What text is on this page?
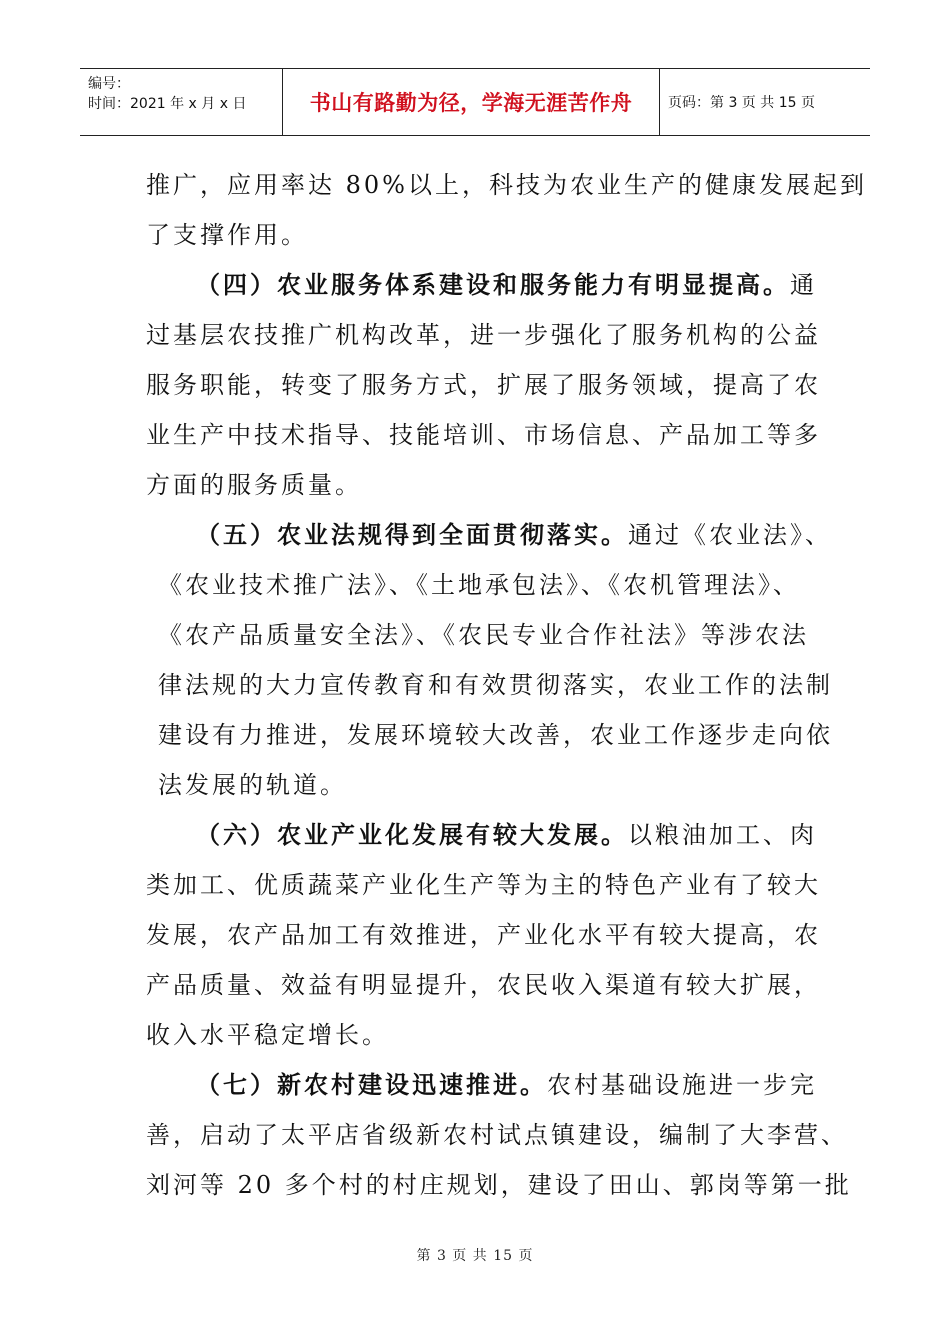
编号：
时间：2021 年 x 月 x 日	书山有路勤为径，学海无涯苦作舟	页码：第 3 页 共 15 页
推广，应用率达 80%以上，科技为农业生产的健康发展起到
了支撑作用。
（四）农业服务体系建设和服务能力有明显提高。通
过基层农技推广机构改革，进一步强化了服务机构的公益
服务职能，转变了服务方式，扩展了服务领域，提高了农
业生产中技术指导、技能培训、市场信息、产品加工等多
方面的服务质量。
（五）农业法规得到全面贯彻落实。通过《农业法》、
《农业技术推广法》、《土地承包法》、《农机管理法》、
《农产品质量安全法》、《农民专业合作社法》等涉农法
律法规的大力宣传教育和有效贯彻落实，农业工作的法制
建设有力推进，发展环境较大改善，农业工作逐步走向依
法发展的轨道。
（六）农业产业化发展有较大发展。以粮油加工、肉
类加工、优质蔬菜产业化生产等为主的特色产业有了较大
发展，农产品加工有效推进，产业化水平有较大提高，农
产品质量、效益有明显提升，农民收入渠道有较大扩展，
收入水平稳定增长。
（七）新农村建设迅速推进。农村基础设施进一步完
善，启动了太平店省级新农村试点镇建设，编制了大李营、
刘河等 20 多个村的村庄规划，建设了田山、郭岗等第一批
第 3 页 共 15 页
